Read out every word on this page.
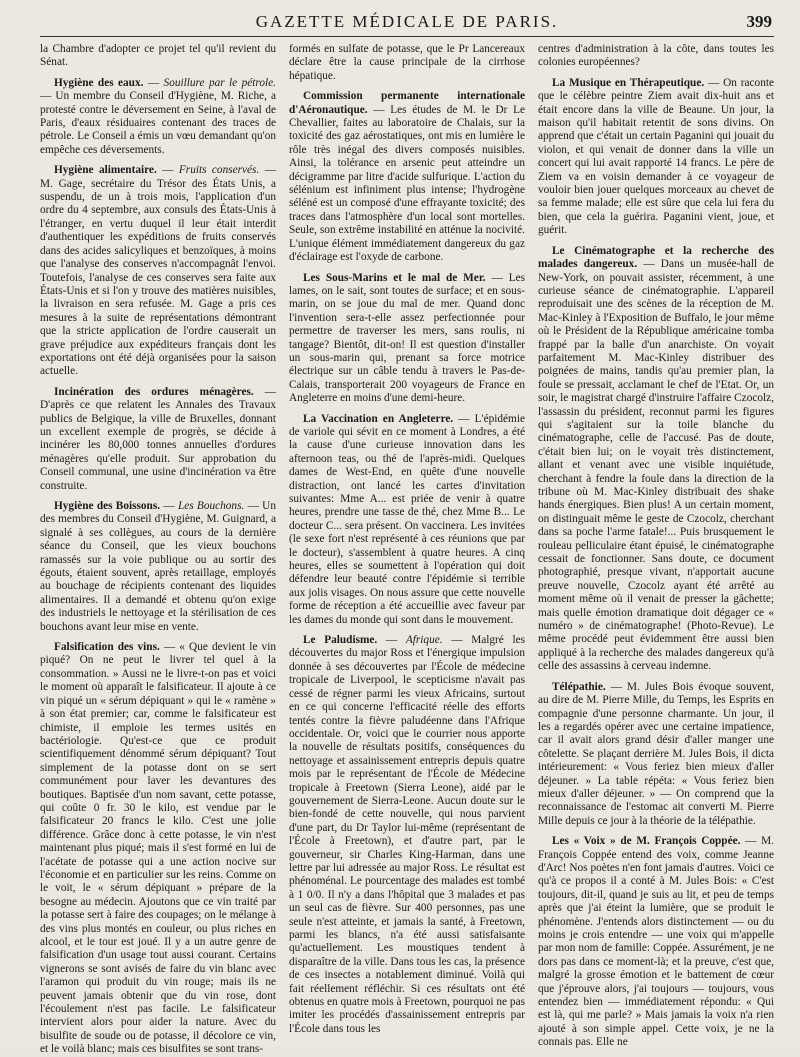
GAZETTE MÉDICALE DE PARIS.	399

la Chambre d'adopter ce projet tel qu'il revient du Sénat.

Hygiène des eaux. — Souillure par le pétrole. — Un membre du Conseil d'Hygiène, M. Riche, a protesté contre le déversement en Seine, à l'aval de Paris, d'eaux résiduaires contenant des traces de pétrole. Le Conseil a émis un vœu demandant qu'on empêche ces déversements.

Hygiène alimentaire. — Fruits conservés. — M. Gage, secrétaire du Trésor des États Unis, a suspendu, de un à trois mois, l'application d'un ordre du 4 septembre, aux consuls des États-Unis à l'étranger, en vertu duquel il leur était interdit d'authentiquer les expéditions de fruits conservés dans des acides salicyliques et benzoïques, à moins que l'analyse des conserves n'accompagnât l'envoi. Toutefois, l'analyse de ces conserves sera faite aux États-Unis et si l'on y trouve des matières nuisibles, la livraison en sera refusée. M. Gage a pris ces mesures à la suite de représentations démontrant que la stricte application de l'ordre causerait un grave préjudice aux expéditeurs français dont les exportations ont été déjà organisées pour la saison actuelle.

Incinération des ordures ménagères. — D'après ce que relatent les Annales des Travaux publics de Belgique, la ville de Bruxelles, donnant un excellent exemple de progrès, se décide à incinérer les 80,000 tonnes annuelles d'ordures ménagères qu'elle produit. Sur approbation du Conseil communal, une usine d'incinération va être construite.

Hygiène des Boissons. — Les Bouchons. — Un des membres du Conseil d'Hygiène, M. Guignard, a signalé à ses collègues, au cours de la dernière séance du Conseil, que les vieux bouchons ramassés sur la voie publique ou au sortir des égouts, étaient souvent, après retaillage, employés au bouchage de récipients contenant des liquides alimentaires. Il a demandé et obtenu qu'on exige des industriels le nettoyage et la stérilisation de ces bouchons avant leur mise en vente.

Falsification des vins. — « Que devient le vin piqué? On ne peut le livrer tel quel à la consommation. » Aussi ne le livre-t-on pas et voici le moment où apparaît le falsificateur. Il ajoute à ce vin piqué un « sérum dépiquant » qui le « ramène » à son état premier; car, comme le falsificateur est chimiste, il emploie les termes usités en bactériologie. Qu'est-ce que ce produit scientifiquement dénommé sérum dépiquant? Tout simplement de la potasse dont on se sert communément pour laver les devantures des boutiques. Baptisée d'un nom savant, cette potasse, qui coûte 0 fr. 30 le kilo, est vendue par le falsificateur 20 francs le kilo. C'est une jolie différence. Grâce donc à cette potasse, le vin n'est maintenant plus piqué; mais il s'est formé en lui de l'acétate de potasse qui a une action nocive sur l'économie et en particulier sur les reins. Comme on le voit, le « sérum dépiquant » prépare de la besogne au médecin. Ajoutons que ce vin traité par la potasse sert à faire des coupages; on le mélange à des vins plus montés en couleur, ou plus riches en alcool, et le tour est joué. Il y a un autre genre de falsification d'un usage tout aussi courant. Certains vignerons se sont avisés de faire du vin blanc avec l'aramon qui produit du vin rouge; mais ils ne peuvent jamais obtenir que du vin rose, dont l'écoulement n'est pas facile. Le falsificateur intervient alors pour aider la nature. Avec du bisulfite de soude ou de potasse, il décolore ce vin, et le voilà blanc; mais ces bisulfites se sont trans-

formés en sulfate de potasse, que le Pr Lancereaux déclare être la cause principale de la cirrhose hépatique.

Commission permanente internationale d'Aéronautique. — Les études de M. le Dr Le Chevallier, faites au laboratoire de Chalais, sur la toxicité des gaz aérostatiques, ont mis en lumière le rôle très inégal des divers composés nuisibles. Ainsi, la tolérance en arsenic peut atteindre un décigramme par litre d'acide sulfurique. L'action du sélénium est infiniment plus intense; l'hydrogène séléné est un composé d'une effrayante toxicité; des traces dans l'atmosphère d'un local sont mortelles. Seule, son extrême instabilité en atténue la nocivité. L'unique élément immédiatement dangereux du gaz d'éclairage est l'oxyde de carbone.

Les Sous-Marins et le mal de Mer. — Les lames, on le sait, sont toutes de surface; et en sous-marin, on se joue du mal de mer. Quand donc l'invention sera-t-elle assez perfectionnée pour permettre de traverser les mers, sans roulis, ni tangage? Bientôt, dit-on! Il est question d'installer un sous-marin qui, prenant sa force motrice électrique sur un câble tendu à travers le Pas-de-Calais, transporterait 200 voyageurs de France en Angleterre en moins d'une demi-heure.

La Vaccination en Angleterre. — L'épidémie de variole qui sévit en ce moment à Londres, a été la cause d'une curieuse innovation dans les afternoon teas, ou thé de l'après-midi. Quelques dames de West-End, en quête d'une nouvelle distraction, ont lancé les cartes d'invitation suivantes: Mme A... est priée de venir à quatre heures, prendre une tasse de thé, chez Mme B... Le docteur C... sera présent. On vaccinera. Les invitées (le sexe fort n'est représenté à ces réunions que par le docteur), s'assemblent à quatre heures. A cinq heures, elles se soumettent à l'opération qui doit défendre leur beauté contre l'épidémie si terrible aux jolis visages. On nous assure que cette nouvelle forme de réception a été accueillie avec faveur par les dames du monde qui sont dans le mouvement.

Le Paludisme. — Afrique. — Malgré les découvertes du major Ross et l'énergique impulsion donnée à ses découvertes par l'École de médecine tropicale de Liverpool, le scepticisme n'avait pas cessé de régner parmi les vieux Africains, surtout en ce qui concerne l'efficacité réelle des efforts tentés contre la fièvre paludéenne dans l'Afrique occidentale. Or, voici que le courrier nous apporte la nouvelle de résultats positifs, conséquences du nettoyage et assainissement entrepris depuis quatre mois par le représentant de l'École de Médecine tropicale à Freetown (Sierra Leone), aidé par le gouvernement de Sierra-Leone. Aucun doute sur le bien-fondé de cette nouvelle, qui nous parvient d'une part, du Dr Taylor lui-même (représentant de l'École à Freetown), et d'autre part, par le gouverneur, sir Charles King-Harman, dans une lettre par lui adressée au major Ross. Le résultat est phénoménal. Le pourcentage des malades est tombé à 1 0/0. Il n'y a dans l'hôpital que 3 malades et pas un seul cas de fièvre. Sur 400 personnes, pas une seule n'est atteinte, et jamais la santé, à Freetown, parmi les blancs, n'a été aussi satisfaisante qu'actuellement. Les moustiques tendent à disparaître de la ville. Dans tous les cas, la présence de ces insectes a notablement diminué. Voilà qui fait réellement réfléchir. Si ces résultats ont été obtenus en quatre mois à Freetown, pourquoi ne pas imiter les procédés d'assainissement entrepris par l'École dans tous les

centres d'administration à la côte, dans toutes les colonies européennes?

La Musique en Thérapeutique. — On raconte que le célèbre peintre Ziem avait dix-huit ans et était encore dans la ville de Beaune. Un jour, la maison qu'il habitait retentit de sons divins. On apprend que c'était un certain Paganini qui jouait du violon, et qui venait de donner dans la ville un concert qui lui avait rapporté 14 francs. Le père de Ziem va en voisin demander à ce voyageur de vouloir bien jouer quelques morceaux au chevet de sa femme malade; elle est sûre que cela lui fera du bien, que cela la guérira. Paganini vient, joue, et guérit.

Le Cinématographe et la recherche des malades dangereux. — Dans un musée-hall de New-York, on pouvait assister, récemment, à une curieuse séance de cinématographie. L'appareil reproduisait une des scènes de la réception de M. Mac-Kinley à l'Exposition de Buffalo, le jour même où le Président de la République américaine tomba frappé par la balle d'un anarchiste. On voyait parfaitement M. Mac-Kinley distribuer des poignées de mains, tandis qu'au premier plan, la foule se pressait, acclamant le chef de l'Etat. Or, un soir, le magistrat chargé d'instruire l'affaire Czocolz, l'assassin du président, reconnut parmi les figures qui s'agitaient sur la toile blanche du cinématographe, celle de l'accusé. Pas de doute, c'était bien lui; on le voyait très distinctement, allant et venant avec une visible inquiétude, cherchant à fendre la foule dans la direction de la tribune où M. Mac-Kinley distribuait des shake hands énergiques. Bien plus! A un certain moment, on distinguait même le geste de Czocolz, cherchant dans sa poche l'arme fatale!... Puis brusquement le rouleau pelliculaire étant épuisé, le cinématographe cessait de fonctionner. Sans doute, ce document photographié, presque vivant, n'apportait aucune preuve nouvelle, Czocolz ayant été arrêté au moment même où il venait de presser la gâchette; mais quelle émotion dramatique doit dégager ce « numéro » de cinématographe! (Photo-Revue). Le même procédé peut évidemment être aussi bien appliqué à la recherche des malades dangereux qu'à celle des assassins à cerveau indemne.

Télépathie. — M. Jules Bois évoque souvent, au dire de M. Pierre Mille, du Temps, les Esprits en compagnie d'une personne charmante. Un jour, il les a regardés opérer avec une certaine impatience, car il avait alors grand désir d'aller manger une côtelette. Se plaçant derrière M. Jules Bois, il dicta intérieurement: « Vous feriez bien mieux d'aller déjeuner. » La table répéta: « Vous feriez bien mieux d'aller déjeuner. » — On comprend que la reconnaissance de l'estomac ait converti M. Pierre Mille depuis ce jour à la théorie de la télépathie.

Les « Voix » de M. François Coppée. — M. François Coppée entend des voix, comme Jeanne d'Arc! Nos poètes n'en font jamais d'autres. Voici ce qu'à ce propos il a conté à M. Jules Bois: « C'est toujours, dit-il, quand je suis au lit, et peu de temps après que j'ai éteint la lumière, que se produit le phénomène. J'entends alors distinctement — ou du moins je crois entendre — une voix qui m'appelle par mon nom de famille: Coppée. Assurément, je ne dors pas dans ce moment-là; et la preuve, c'est que, malgré la grosse émotion et le battement de cœur que j'éprouve alors, j'ai toujours — toujours, vous entendez bien — immédiatement répondu: « Qui est là, qui me parle? » Mais jamais la voix n'a rien ajouté à son simple appel. Cette voix, je ne la connais pas. Elle ne
